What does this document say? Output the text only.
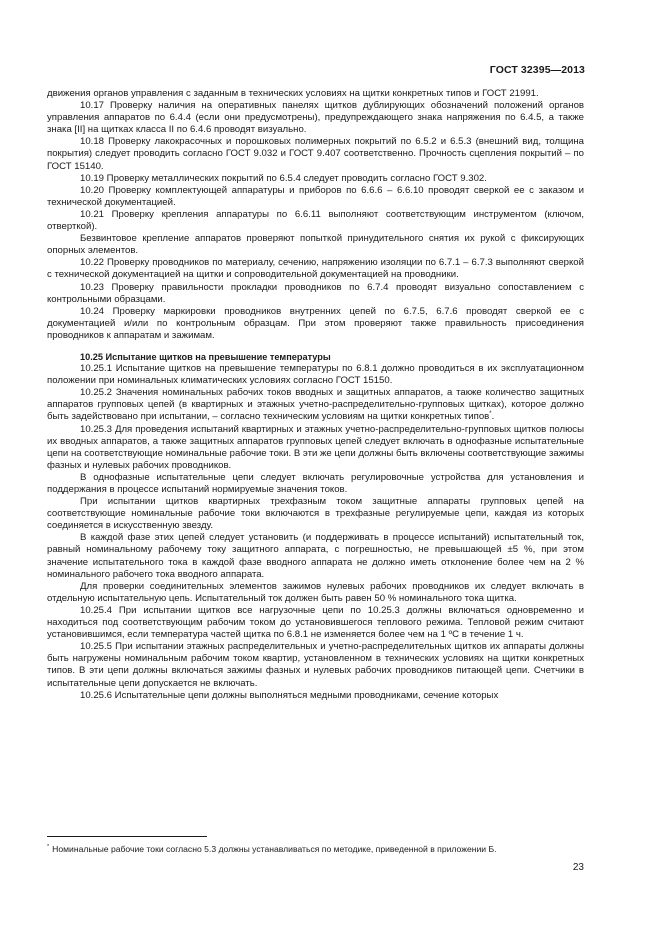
ГОСТ 32395—2013

движения органов управления с заданным в технических условиях на щитки конкретных типов и ГОСТ 21991.

10.17 Проверку наличия на оперативных панелях щитков дублирующих обозначений положений органов управления аппаратов по 6.4.4 (если они предусмотрены), предупреждающего знака напряжения по 6.4.5, а также знака [II] на щитках класса II по 6.4.6 проводят визуально.

10.18 Проверку лакокрасочных и порошковых полимерных покрытий по 6.5.2 и 6.5.3 (внешний вид, толщина покрытия) следует проводить согласно ГОСТ 9.032 и ГОСТ 9.407 соответственно. Прочность сцепления покрытий – по ГОСТ 15140.

10.19 Проверку металлических покрытий по 6.5.4 следует проводить согласно ГОСТ 9.302.

10.20 Проверку комплектующей аппаратуры и приборов по 6.6.6 – 6.6.10 проводят сверкой ее с заказом и технической документацией.

10.21 Проверку крепления аппаратуры по 6.6.11 выполняют соответствующим инструментом (ключом, отверткой).

Безвинтовое крепление аппаратов проверяют попыткой принудительного снятия их рукой с фиксирующих опорных элементов.

10.22 Проверку проводников по материалу, сечению, напряжению изоляции по 6.7.1 – 6.7.3 выполняют сверкой с технической документацией на щитки и сопроводительной документацией на проводники.

10.23 Проверку правильности прокладки проводников по 6.7.4 проводят визуально сопоставлением с контрольными образцами.

10.24 Проверку маркировки проводников внутренних цепей по 6.7.5, 6.7.6 проводят сверкой ее с документацией и/или по контрольным образцам. При этом проверяют также правильность присоединения проводников к аппаратам и зажимам.

10.25 Испытание щитков на превышение температуры

10.25.1 Испытание щитков на превышение температуры по 6.8.1 должно проводиться в их эксплуатационном положении при номинальных климатических условиях согласно ГОСТ 15150.

10.25.2 Значения номинальных рабочих токов вводных и защитных аппаратов, а также количество защитных аппаратов групповых цепей (в квартирных и этажных учетно-распределительно-групповых щитках), которое должно быть задействовано при испытании, – согласно техническим условиям на щитки конкретных типов*.

10.25.3 Для проведения испытаний квартирных и этажных учетно-распределительно-групповых щитков полюсы их вводных аппаратов, а также защитных аппаратов групповых цепей следует включать в однофазные испытательные цепи на соответствующие номинальные рабочие токи. В эти же цепи должны быть включены соответствующие зажимы фазных и нулевых рабочих проводников.

В однофазные испытательные цепи следует включать регулировочные устройства для установления и поддержания в процессе испытаний нормируемые значения токов.

При испытании щитков квартирных трехфазным током защитные аппараты групповых цепей на соответствующие номинальные рабочие токи включаются в трехфазные регулируемые цепи, каждая из которых соединяется в искусственную звезду.

В каждой фазе этих цепей следует установить (и поддерживать в процессе испытаний) испытательный ток, равный номинальному рабочему току защитного аппарата, с погрешностью, не превышающей ±5 %, при этом значение испытательного тока в каждой фазе вводного аппарата не должно иметь отклонение более чем на 2 % номинального рабочего тока вводного аппарата.

Для проверки соединительных элементов зажимов нулевых рабочих проводников их следует включать в отдельную испытательную цепь. Испытательный ток должен быть равен 50 % номинального тока щитка.

10.25.4 При испытании щитков все нагрузочные цепи по 10.25.3 должны включаться одновременно и находиться под соответствующим рабочим током до установившегося теплового режима. Тепловой режим считают установившимся, если температура частей щитка по 6.8.1 не изменяется более чем на 1 ºС в течение 1 ч.

10.25.5 При испытании этажных распределительных и учетно-распределительных щитков их аппараты должны быть нагружены номинальным рабочим током квартир, установленном в технических условиях на щитки конкретных типов. В эти цепи должны включаться зажимы фазных и нулевых рабочих проводников питающей цепи. Счетчики в испытательные цепи допускается не включать.

10.25.6 Испытательные цепи должны выполняться медными проводниками, сечение которых

* Номинальные рабочие токи согласно 5.3 должны устанавливаться по методике, приведенной в приложении Б.
23
